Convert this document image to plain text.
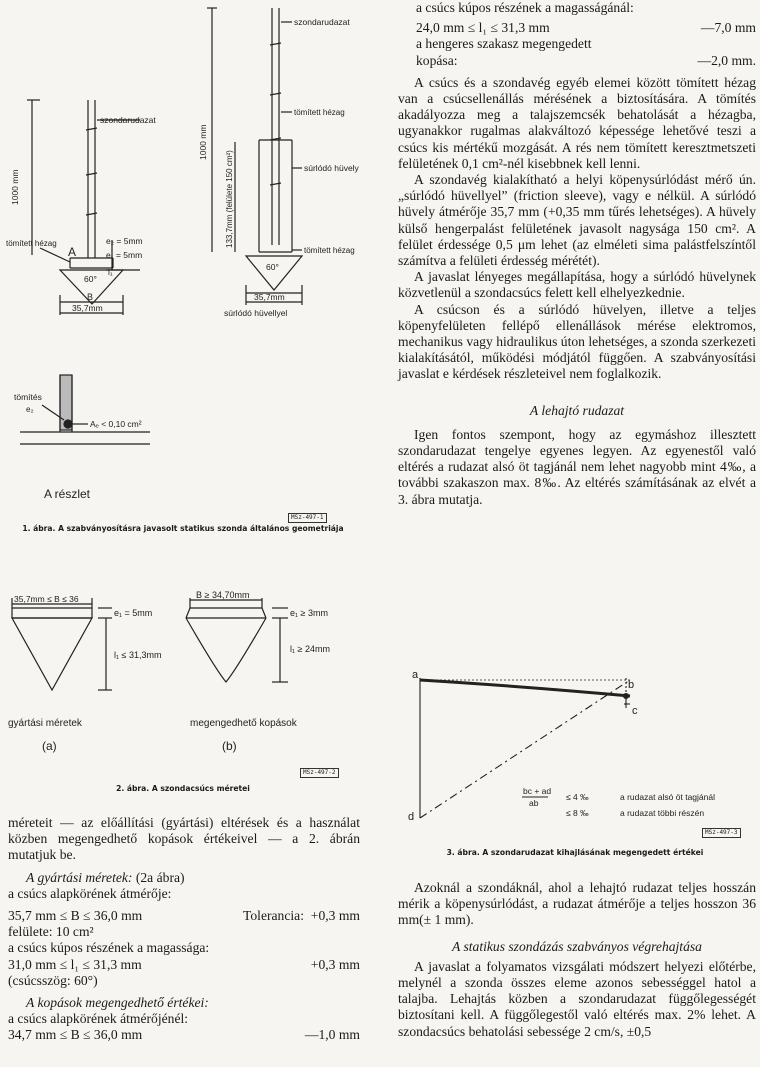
szondarudazat
1000 mm
tömített hézag
A
e₂ = 5mm
e₁ = 5mm
l₁
60°
B
35,7mm
szondarudazat
tömített hézag
1000 mm
133,7mm (felülete 150 cm²)	súrlódó hüvely
tömített hézag
60°
35,7mm
súrlódó hüvellyel
tömítés
e₂
Aₑ < 0,10 cm²
A részlet
MSz-497-1
1. ábra. A szabványosításra javasolt statikus szonda általános geometriája
35,7mm ≤ B ≤ 36
e₁ = 5mm
l₁ ≤ 31,3mm
gyártási méretek
(a)
B ≥ 34,70mm
e₁ ≥ 3mm
l₁ ≥ 24mm
megengedhető kopások
(b)
MSz-497-2
2. ábra. A szondacsúcs méretei

méreteit — az előállítási (gyártási) eltérések és a használat közben megengedhető kopások értékeivel — a 2. ábrán mutatjuk be.

A gyártási méretek: (2a ábra)
a csúcs alapkörének átmérője:
35,7 mm ≤ B ≤ 36,0 mm	Tolerancia: +0,3 mm
felülete: 10 cm²
a csúcs kúpos részének a magassága:
31,0 mm ≤ l₁ ≤ 31,3 mm	+0,3 mm
(csúcsszög: 60°)
A kopások megengedhető értékei:
a csúcs alapkörének átmérőjénél:
34,7 mm ≤ B ≤ 36,0 mm	—1,0 mm
a csúcs kúpos részének a magasságánál:
24,0 mm ≤ l₁ ≤ 31,3 mm	—7,0 mm
a hengeres szakasz megengedett
kopása:	—2,0 mm.

A csúcs és a szondavég egyéb elemei között tömített hézag van a csúcsellenállás mérésének a biztosítására. A tömítés akadályozza meg a talajszemcsék behatolását a hézagba, ugyanakkor rugalmas alakváltozó képessége lehetővé teszi a csúcs kis mértékű mozgását. A rés nem tömített keresztmetszeti felületének 0,1 cm²-nél kisebbnek kell lenni.

A szondavég kialakítható a helyi köpenysúrlódást mérő ún. „súrlódó hüvellyel” (friction sleeve), vagy e nélkül. A súrlódó hüvely átmérője 35,7 mm (+0,35 mm tűrés lehetséges). A hüvely külső hengerpalást felületének javasolt nagysága 150 cm². A felület érdessége 0,5 μm lehet (az elméleti sima palástfelszíntől számítva a felületi érdesség mérétét).

A javaslat lényeges megállapítása, hogy a súrlódó hüvelynek közvetlenül a szondacsúcs felett kell elhelyezkednie.

A csúcson és a súrlódó hüvelyen, illetve a teljes köpenyfelületen fellépő ellenállások mérése elektromos, mechanikus vagy hidraulikus úton lehetséges, a szonda szerkezeti kialakításától, működési módjától függően. A szabványosítási javaslat e kérdések részleteivel nem foglalkozik.

A lehajtó rudazat

Igen fontos szempont, hogy az egymáshoz illesztett szondarudazat tengelye egyenes legyen. Az egyenestől való eltérés a rudazat alsó öt tagjánál nem lehet nagyobb mint 4‰, a további szakaszon max. 8‰. Az eltérés számításának az elvét a 3. ábra mutatja.

a
b
c
d
bc + ad
ab
≤ 4 ‰
≤ 8 ‰
a rudazat alsó öt tagjánál
a rudazat többi részén
MSz-497-3
3. ábra. A szondarudazat kihajlásának megengedett értékei

Azoknál a szondáknál, ahol a lehajtó rudazat teljes hosszán mérik a köpenysúrlódást, a rudazat átmérője a teljes hosszon 36 mm(± 1 mm).

A statikus szondázás szabványos végrehajtása

A javaslat a folyamatos vizsgálati módszert helyezi előtérbe, melynél a szonda összes eleme azonos sebességgel hatol a talajba. Lehajtás közben a szondarudazat függőlegességét biztosítani kell. A függőlegestől való eltérés max. 2% lehet. A szondacsúcs behatolási sebessége 2 cm/s, ±0,5
